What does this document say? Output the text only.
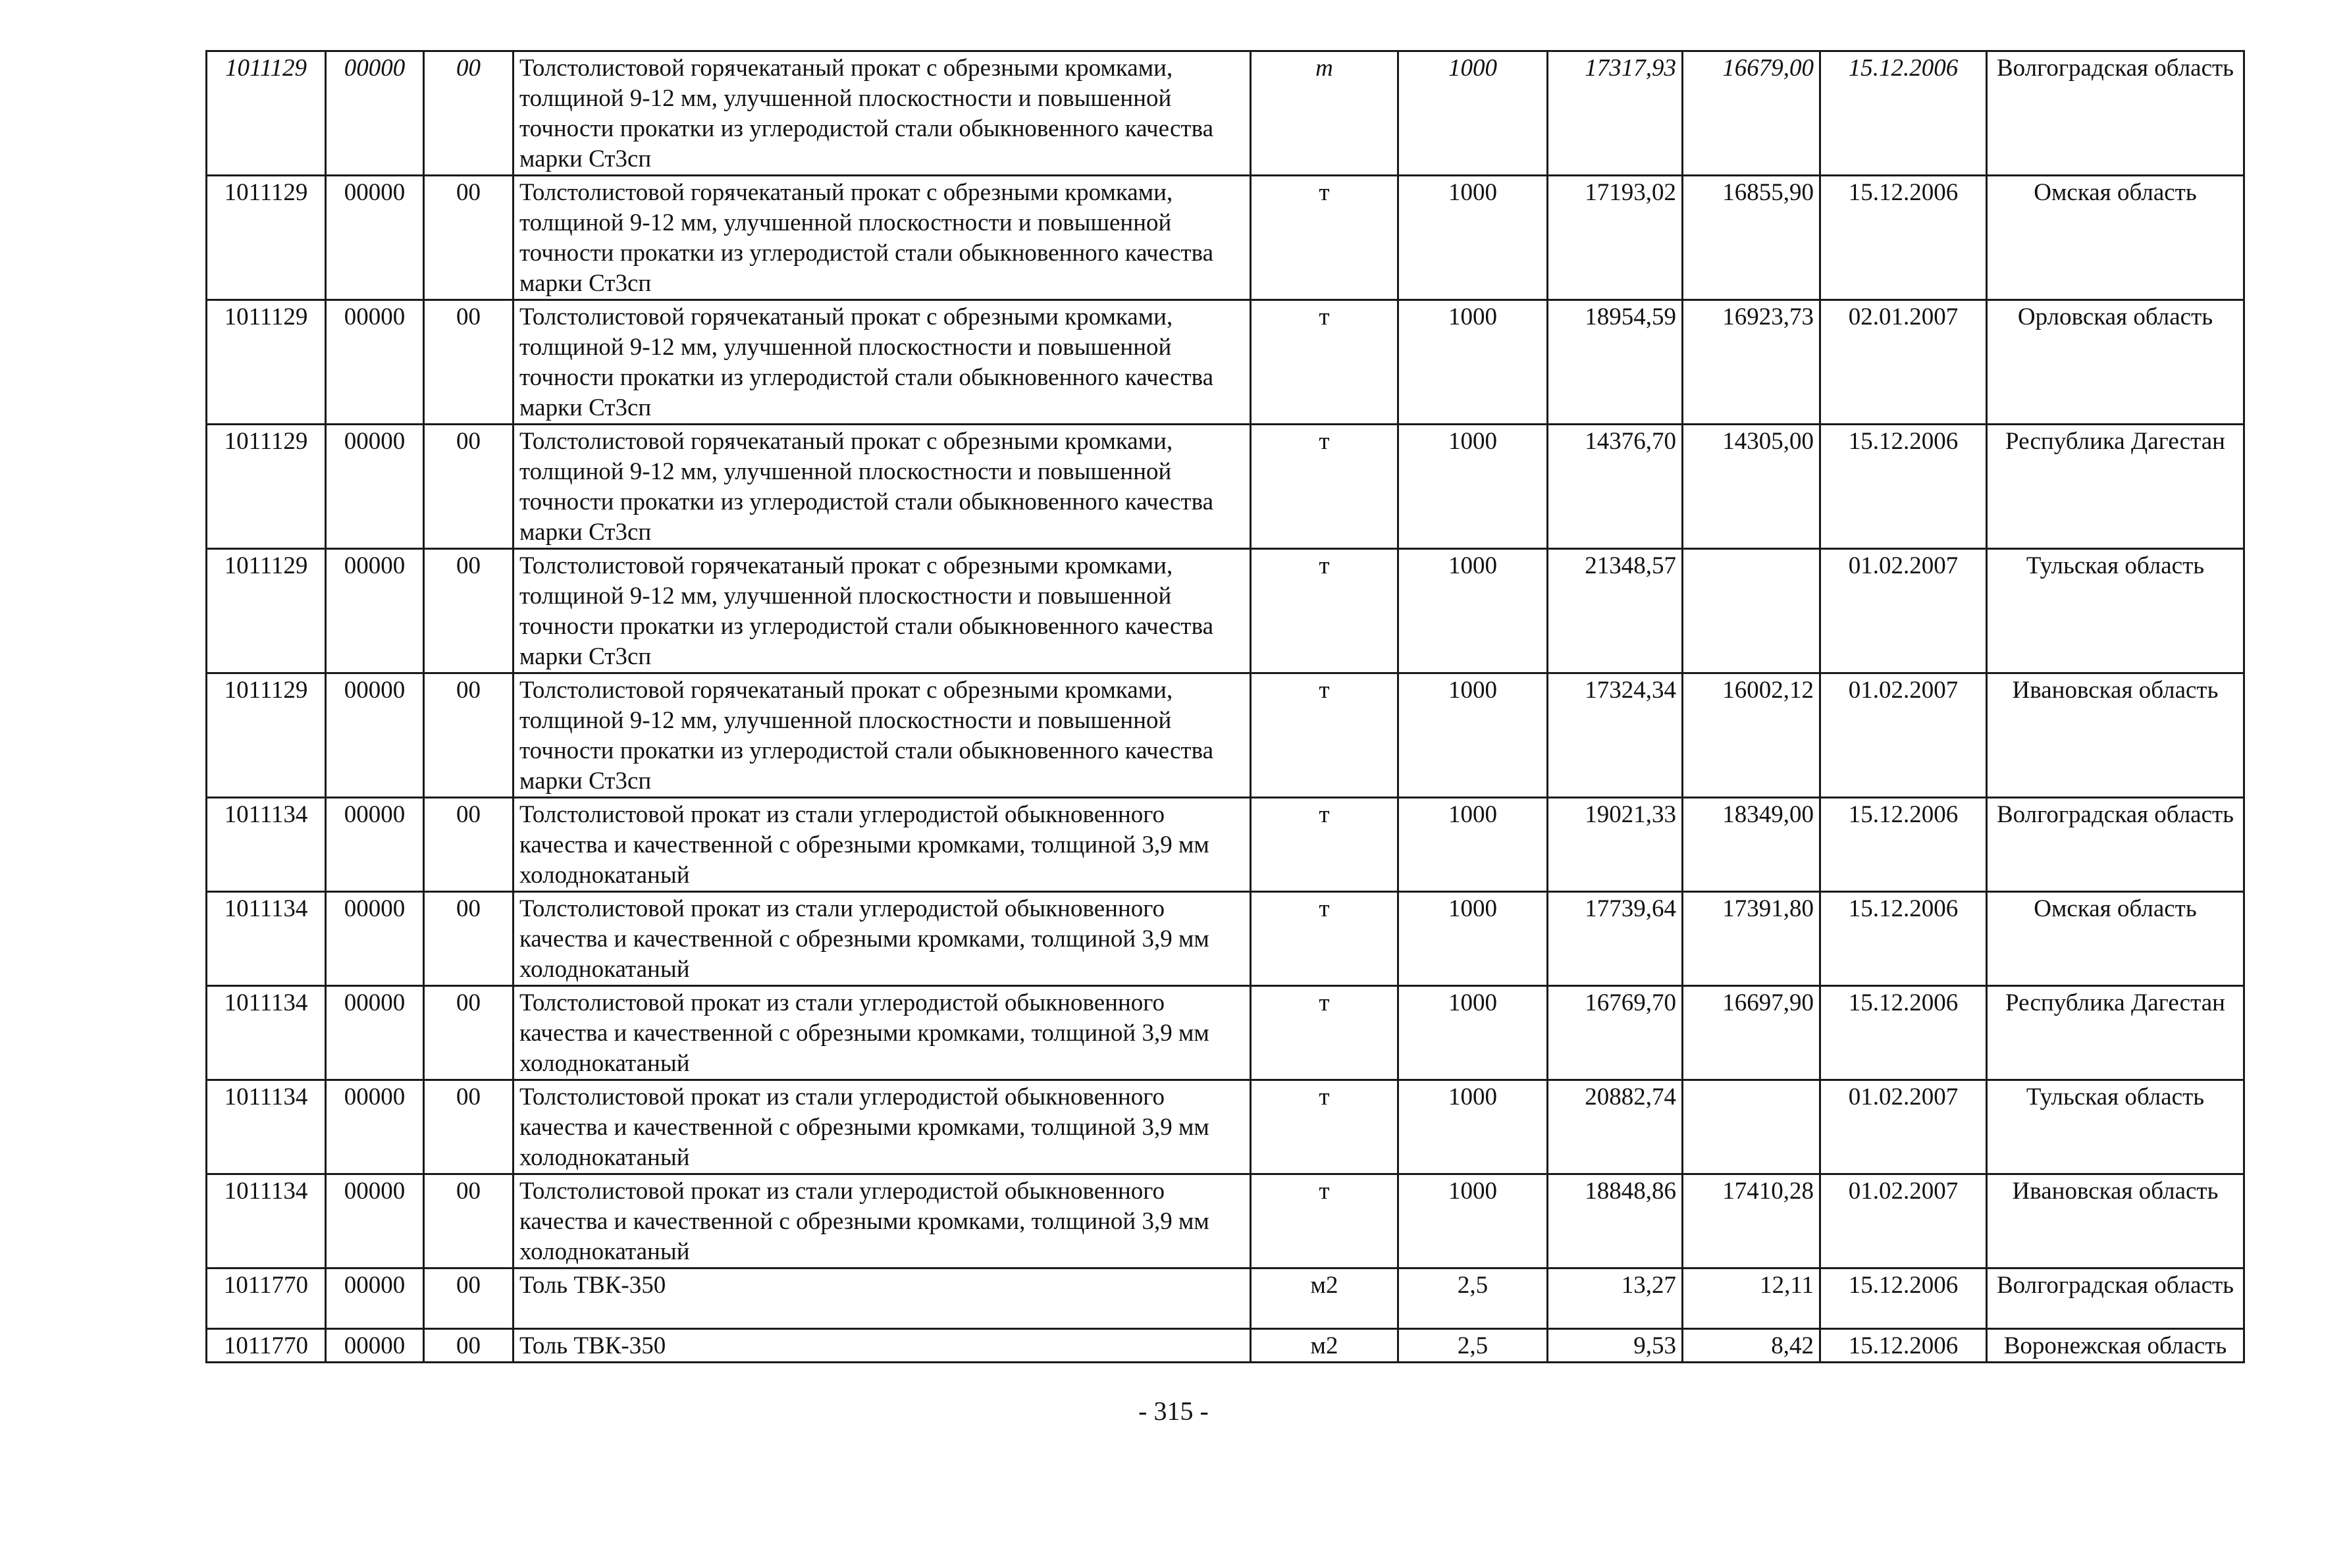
1011129	00000	00	Толстолистовой горячекатаный прокат с обрезными кромками, толщиной 9-12 мм, улучшенной плоскостности и повышенной точности прокатки из углеродистой стали обыкновенного качества марки Ст3сп	т	1000	17317,93	16679,00	15.12.2006	Волгоградская область
1011129	00000	00	Толстолистовой горячекатаный прокат с обрезными кромками, толщиной 9-12 мм, улучшенной плоскостности и повышенной точности прокатки из углеродистой стали обыкновенного качества марки Ст3сп	т	1000	17193,02	16855,90	15.12.2006	Омская область
1011129	00000	00	Толстолистовой горячекатаный прокат с обрезными кромками, толщиной 9-12 мм, улучшенной плоскостности и повышенной точности прокатки из углеродистой стали обыкновенного качества марки Ст3сп	т	1000	18954,59	16923,73	02.01.2007	Орловская область
1011129	00000	00	Толстолистовой горячекатаный прокат с обрезными кромками, толщиной 9-12 мм, улучшенной плоскостности и повышенной точности прокатки из углеродистой стали обыкновенного качества марки Ст3сп	т	1000	14376,70	14305,00	15.12.2006	Республика Дагестан
1011129	00000	00	Толстолистовой горячекатаный прокат с обрезными кромками, толщиной 9-12 мм, улучшенной плоскостности и повышенной точности прокатки из углеродистой стали обыкновенного качества марки Ст3сп	т	1000	21348,57		01.02.2007	Тульская область
1011129	00000	00	Толстолистовой горячекатаный прокат с обрезными кромками, толщиной 9-12 мм, улучшенной плоскостности и повышенной точности прокатки из углеродистой стали обыкновенного качества марки Ст3сп	т	1000	17324,34	16002,12	01.02.2007	Ивановская область
1011134	00000	00	Толстолистовой прокат из стали углеродистой обыкновенного качества и качественной с обрезными кромками, толщиной 3,9 мм холоднокатаный	т	1000	19021,33	18349,00	15.12.2006	Волгоградская область
1011134	00000	00	Толстолистовой прокат из стали углеродистой обыкновенного качества и качественной с обрезными кромками, толщиной 3,9 мм холоднокатаный	т	1000	17739,64	17391,80	15.12.2006	Омская область
1011134	00000	00	Толстолистовой прокат из стали углеродистой обыкновенного качества и качественной с обрезными кромками, толщиной 3,9 мм холоднокатаный	т	1000	16769,70	16697,90	15.12.2006	Республика Дагестан
1011134	00000	00	Толстолистовой прокат из стали углеродистой обыкновенного качества и качественной с обрезными кромками, толщиной 3,9 мм холоднокатаный	т	1000	20882,74		01.02.2007	Тульская область
1011134	00000	00	Толстолистовой прокат из стали углеродистой обыкновенного качества и качественной с обрезными кромками, толщиной 3,9 мм холоднокатаный	т	1000	18848,86	17410,28	01.02.2007	Ивановская область
1011770	00000	00	Толь ТВК-350	м2	2,5	13,27	12,11	15.12.2006	Волгоградская область
1011770	00000	00	Толь ТВК-350	м2	2,5	9,53	8,42	15.12.2006	Воронежская область
- 315 -
